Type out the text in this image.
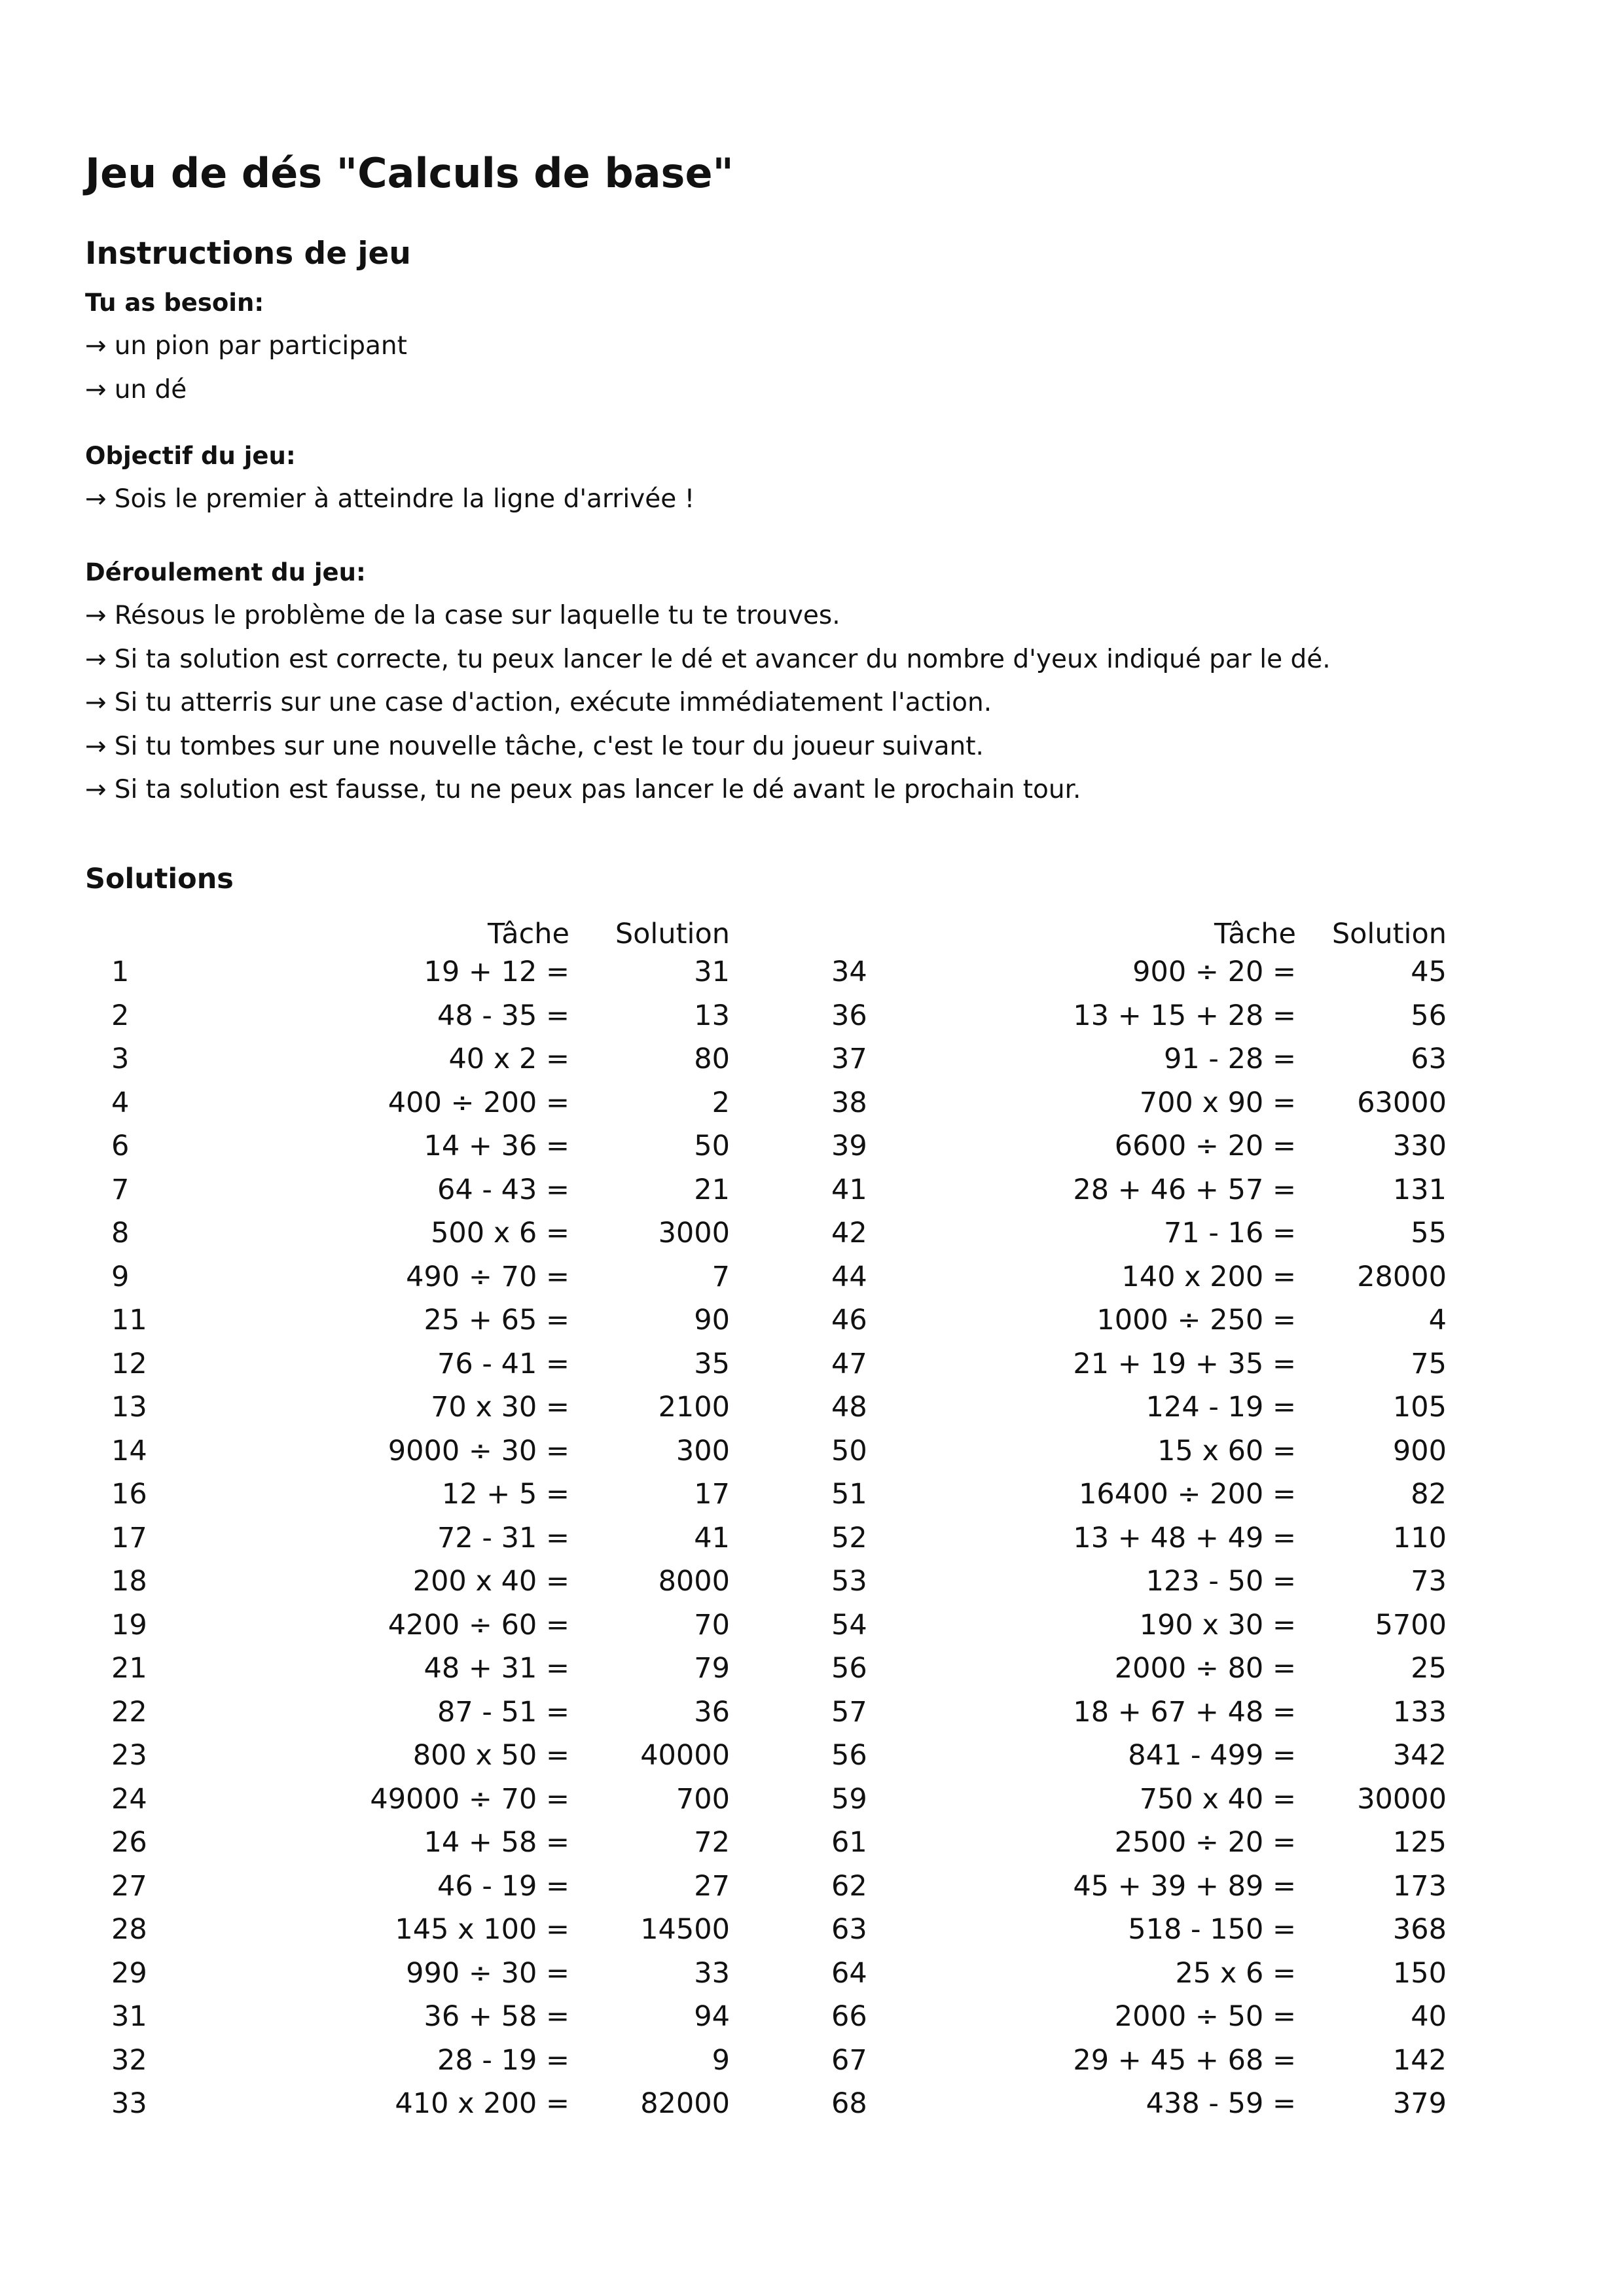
Jeu de dés "Calculs de base"
Instructions de jeu
Tu as besoin:
→ un pion par participant
→ un dé
Objectif du jeu:
→ Sois le premier à atteindre la ligne d'arrivée !
Déroulement du jeu:
→ Résous le problème de la case sur laquelle tu te trouves.
→ Si ta solution est correcte, tu peux lancer le dé et avancer du nombre d'yeux indiqué par le dé.
→ Si tu atterris sur une case d'action, exécute immédiatement l'action.
→ Si tu tombes sur une nouvelle tâche, c'est le tour du joueur suivant.
→ Si ta solution est fausse, tu ne peux pas lancer le dé avant le prochain tour.
Solutions
	Tâche	Solution
1	19 + 12 =	31
2	48 - 35 =	13
3	40 x 2 =	80
4	400 ÷ 200 =	2
6	14 + 36 =	50
7	64 - 43 =	21
8	500 x 6 =	3000
9	490 ÷ 70 =	7
11	25 + 65 =	90
12	76 - 41 =	35
13	70 x 30 =	2100
14	9000 ÷ 30 =	300
16	12 + 5 =	17
17	72 - 31 =	41
18	200 x 40 =	8000
19	4200 ÷ 60 =	70
21	48 + 31 =	79
22	87 - 51 =	36
23	800 x 50 =	40000
24	49000 ÷ 70 =	700
26	14 + 58 =	72
27	46 - 19 =	27
28	145 x 100 =	14500
29	990 ÷ 30 =	33
31	36 + 58 =	94
32	28 - 19 =	9
33	410 x 200 =	82000
	Tâche	Solution
34	900 ÷ 20 =	45
36	13 + 15 + 28 =	56
37	91 - 28 =	63
38	700 x 90 =	63000
39	6600 ÷ 20 =	330
41	28 + 46 + 57 =	131
42	71 - 16 =	55
44	140 x 200 =	28000
46	1000 ÷ 250 =	4
47	21 + 19 + 35 =	75
48	124 - 19 =	105
50	15 x 60 =	900
51	16400 ÷ 200 =	82
52	13 + 48 + 49 =	110
53	123 - 50 =	73
54	190 x 30 =	5700
56	2000 ÷ 80 =	25
57	18 + 67 + 48 =	133
56	841 - 499 =	342
59	750 x 40 =	30000
61	2500 ÷ 20 =	125
62	45 + 39 + 89 =	173
63	518 - 150 =	368
64	25 x 6 =	150
66	2000 ÷ 50 =	40
67	29 + 45 + 68 =	142
68	438 - 59 =	379
